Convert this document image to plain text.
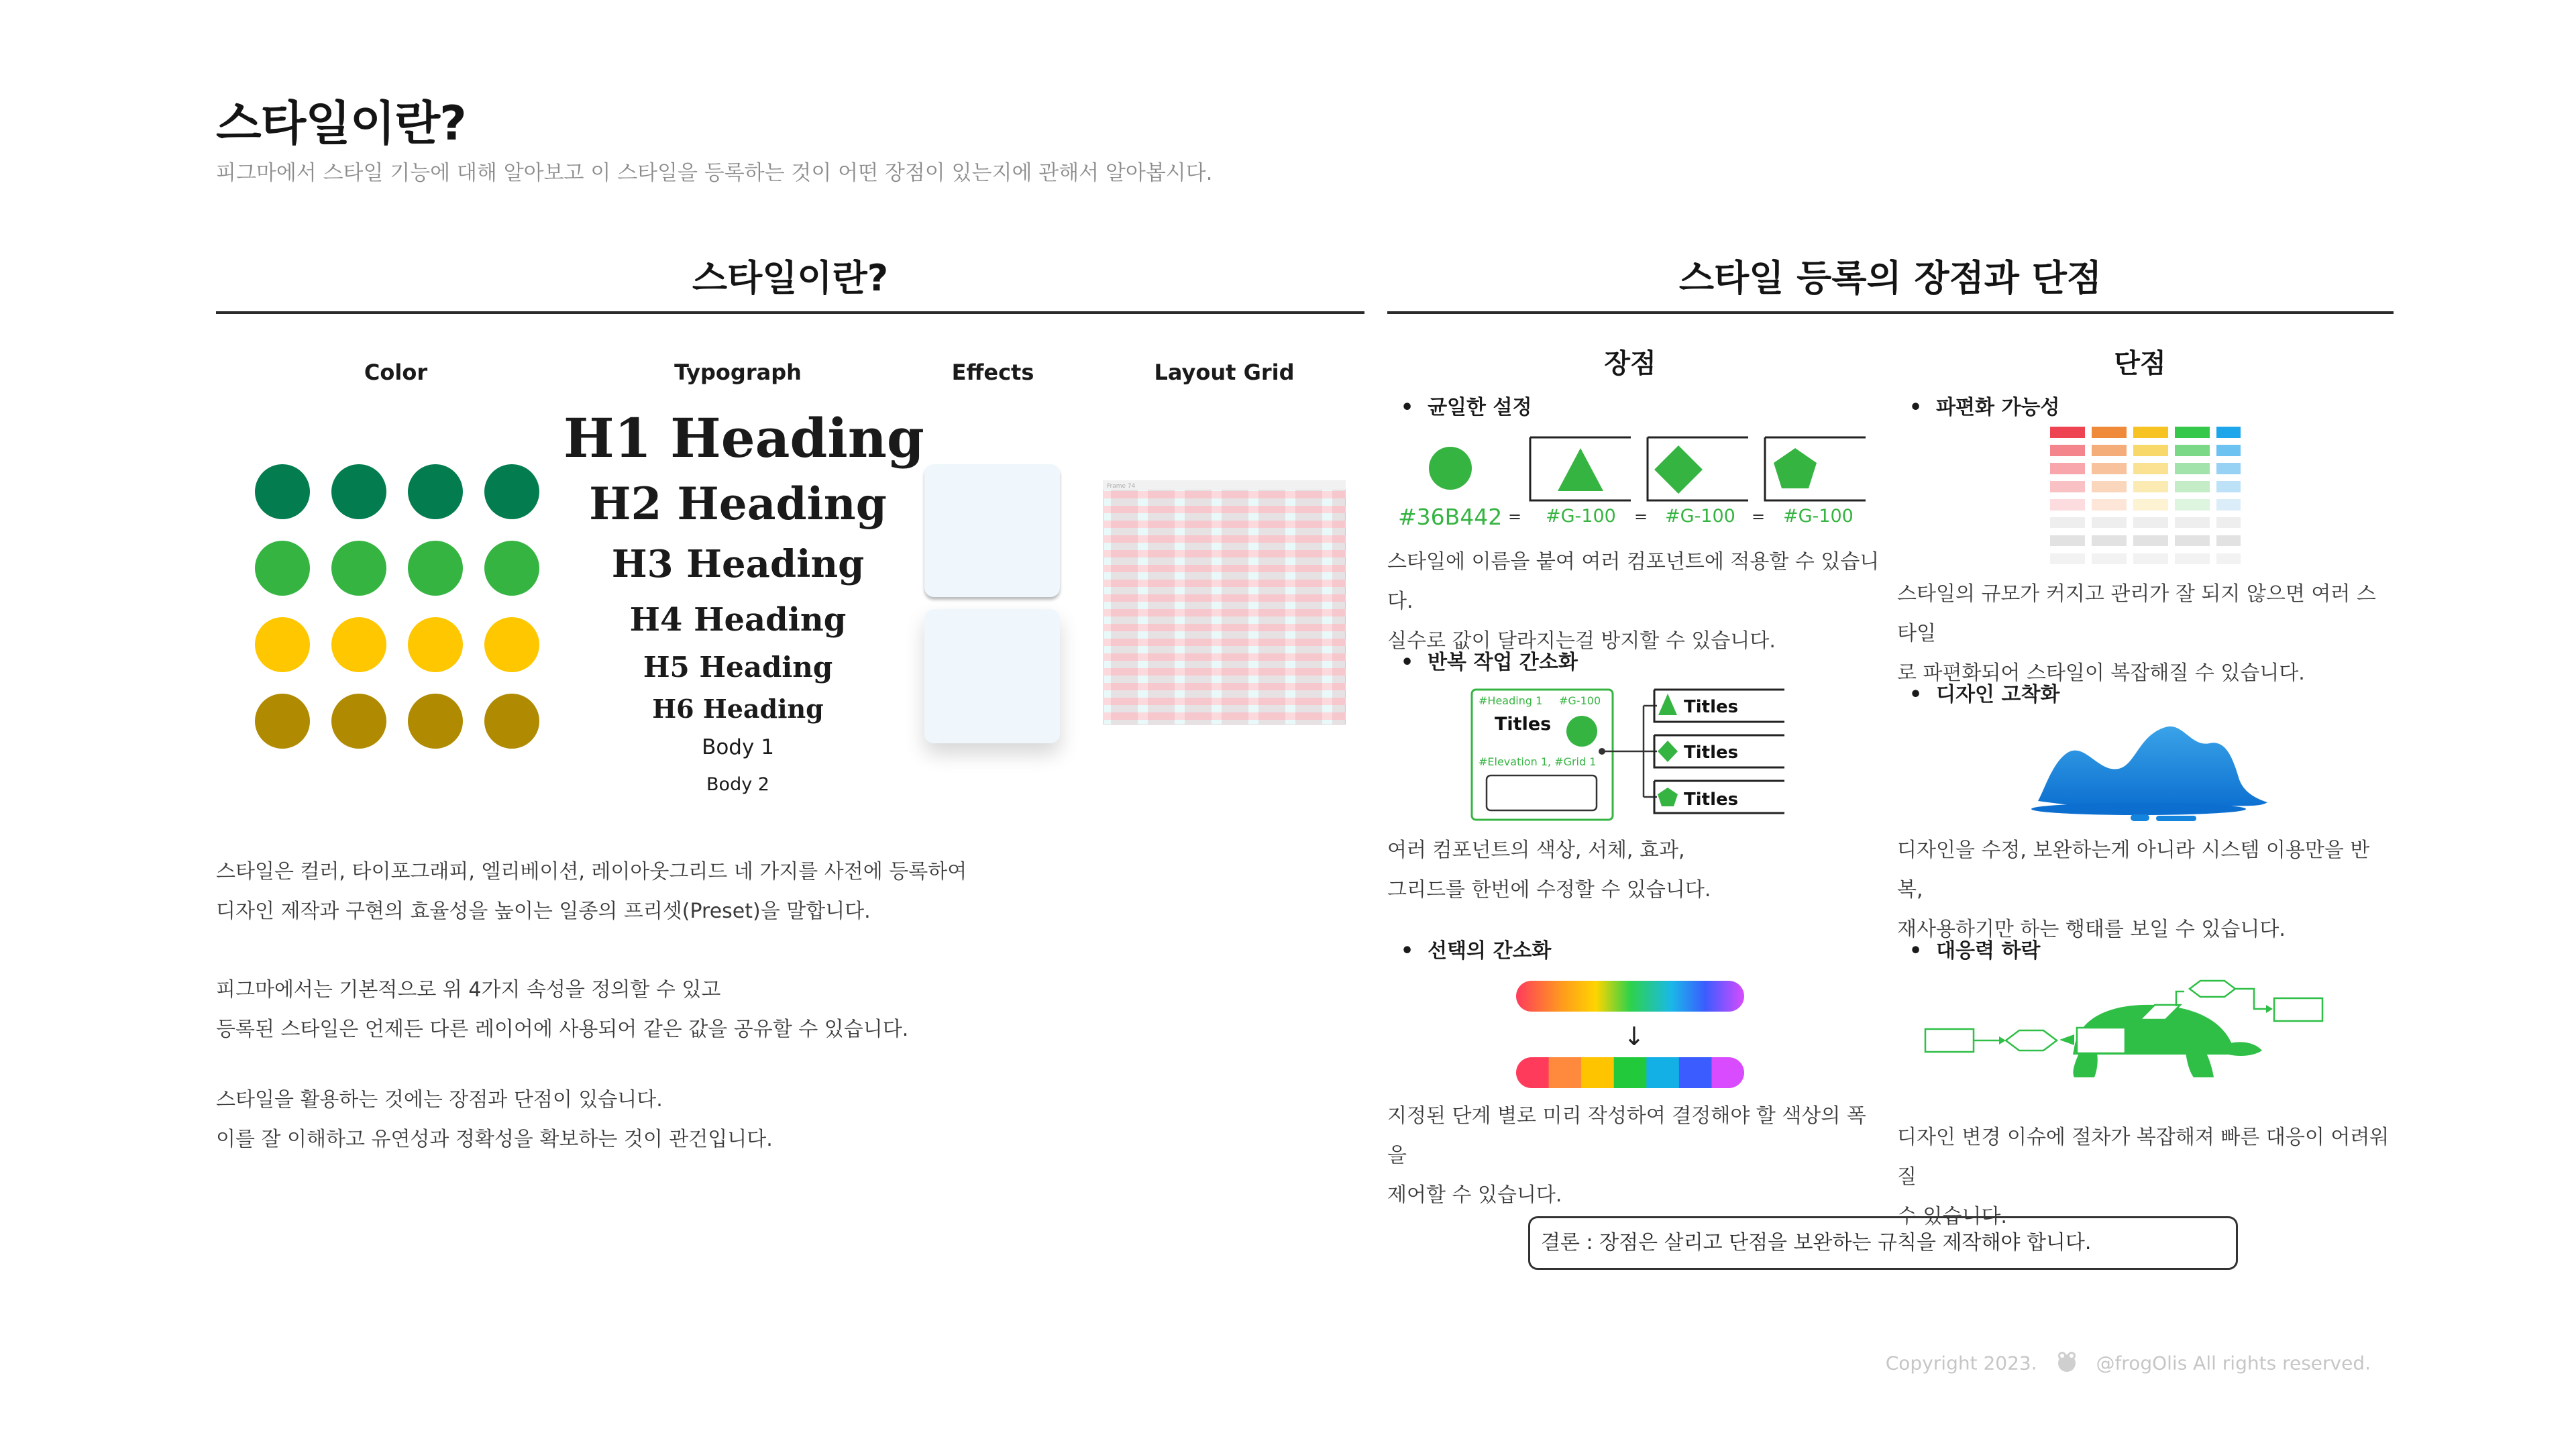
스타일이란?
피그마에서 스타일 기능에 대해 알아보고 이 스타일을 등록하는 것이 어떤 장점이 있는지에 관해서 알아봅시다.
스타일이란?
Color	Typograph	Effects	Layout Grid
H1 Heading
H2 Heading
H3 Heading
H4 Heading
H5 Heading
H6 Heading
Body 1
Body 2
Frame 74
스타일은 컬러, 타이포그래피, 엘리베이션, 레이아웃그리드 네 가지를 사전에 등록하여
디자인 제작과 구현의 효율성을 높이는 일종의 프리셋(Preset)을 말합니다.
피그마에서는 기본적으로 위 4가지 속성을 정의할 수 있고
등록된 스타일은 언제든 다른 레이어에 사용되어 같은 값을 공유할 수 있습니다.
스타일을 활용하는 것에는 장점과 단점이 있습니다.
이를 잘 이해하고 유연성과 정확성을 확보하는 것이 관건입니다.
스타일 등록의 장점과 단점
장점	단점
•  균일한 설정
#36B442 = #G-100 = #G-100 = #G-100
스타일에 이름을 붙여 여러 컴포넌트에 적용할 수 있습니다.
실수로 값이 달라지는걸 방지할 수 있습니다.
•  반복 작업 간소화
#Heading 1 #G-100
Titles
#Elevation 1, #Grid 1
Titles
Titles
Titles
여러 컴포넌트의 색상, 서체, 효과,
그리드를 한번에 수정할 수 있습니다.
•  선택의 간소화
↓
지정된 단계 별로 미리 작성하여 결정해야 할 색상의 폭을
제어할 수 있습니다.
•  파편화 가능성
스타일의 규모가 커지고 관리가 잘 되지 않으면 여러 스타일
로 파편화되어 스타일이 복잡해질 수 있습니다.
•  디자인 고착화
디자인을 수정, 보완하는게 아니라 시스템 이용만을 반복,
재사용하기만 하는 행태를 보일 수 있습니다.
•  대응력 하락
디자인 변경 이슈에 절차가 복잡해져 빠른 대응이 어려워질
수 있습니다.
결론 : 장점은 살리고 단점을 보완하는 규칙을 제작해야 합니다.
Copyright 2023.	@frogOlis All rights reserved.
